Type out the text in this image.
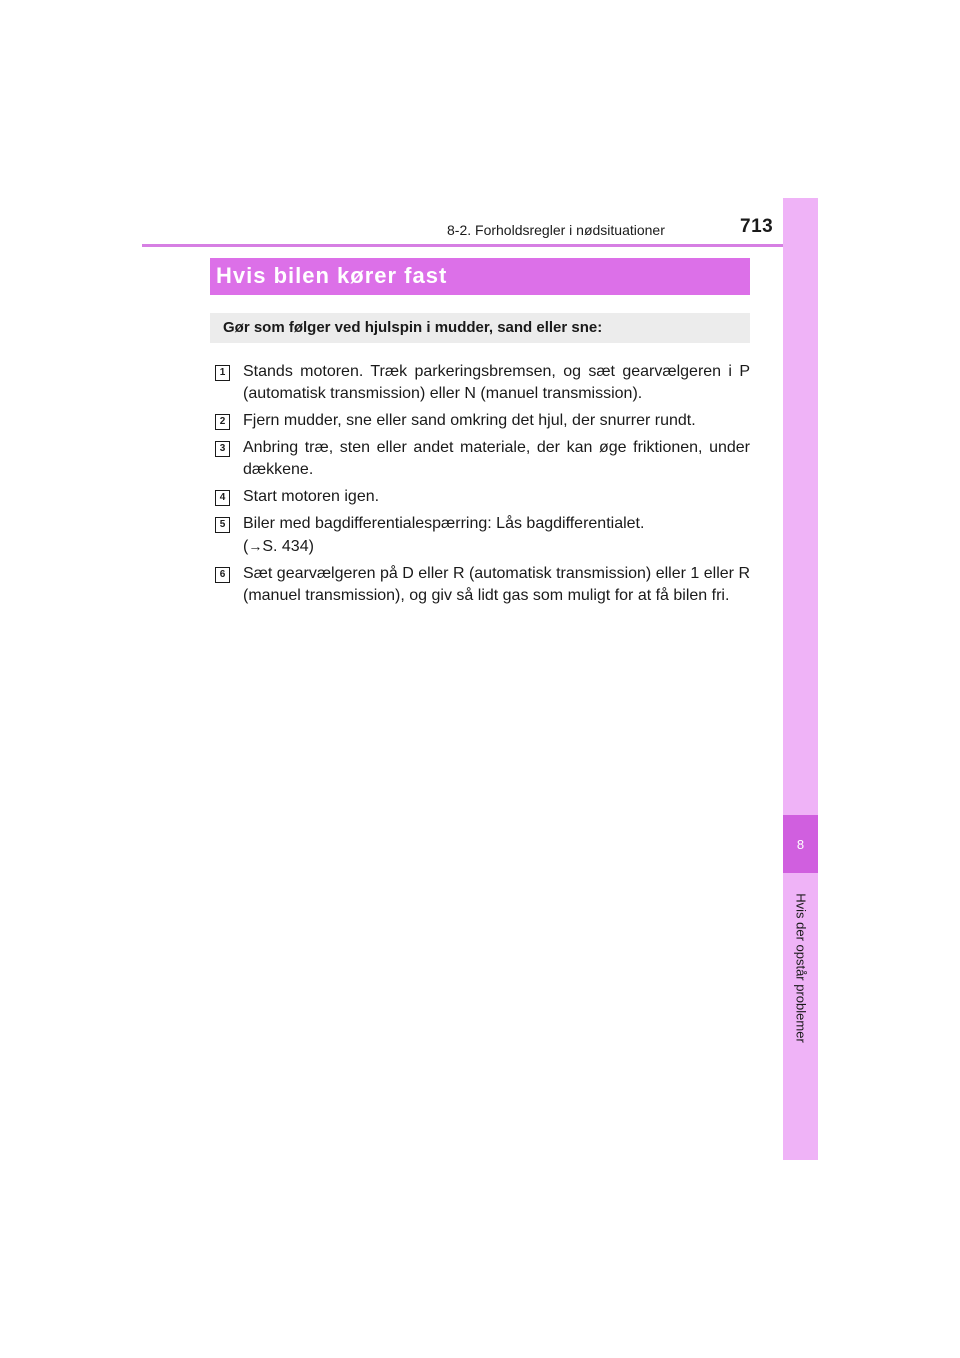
8-2. Forholdsregler i nødsituationer	713
8
Hvis der opstår problemer
Hvis bilen kører fast
Gør som følger ved hjulspin i mudder, sand eller sne:
1 Stands motoren. Træk parkeringsbremsen, og sæt gearvælgeren i P (automatisk transmission) eller N (manuel transmission).
2 Fjern mudder, sne eller sand omkring det hjul, der snurrer rundt.
3 Anbring træ, sten eller andet materiale, der kan øge friktionen, under dækkene.
4 Start motoren igen.
5 Biler med bagdifferentialespærring: Lås bagdifferentialet.
(→S. 434)
6 Sæt gearvælgeren på D eller R (automatisk transmission) eller 1 eller R (manuel transmission), og giv så lidt gas som muligt for at få bilen fri.
